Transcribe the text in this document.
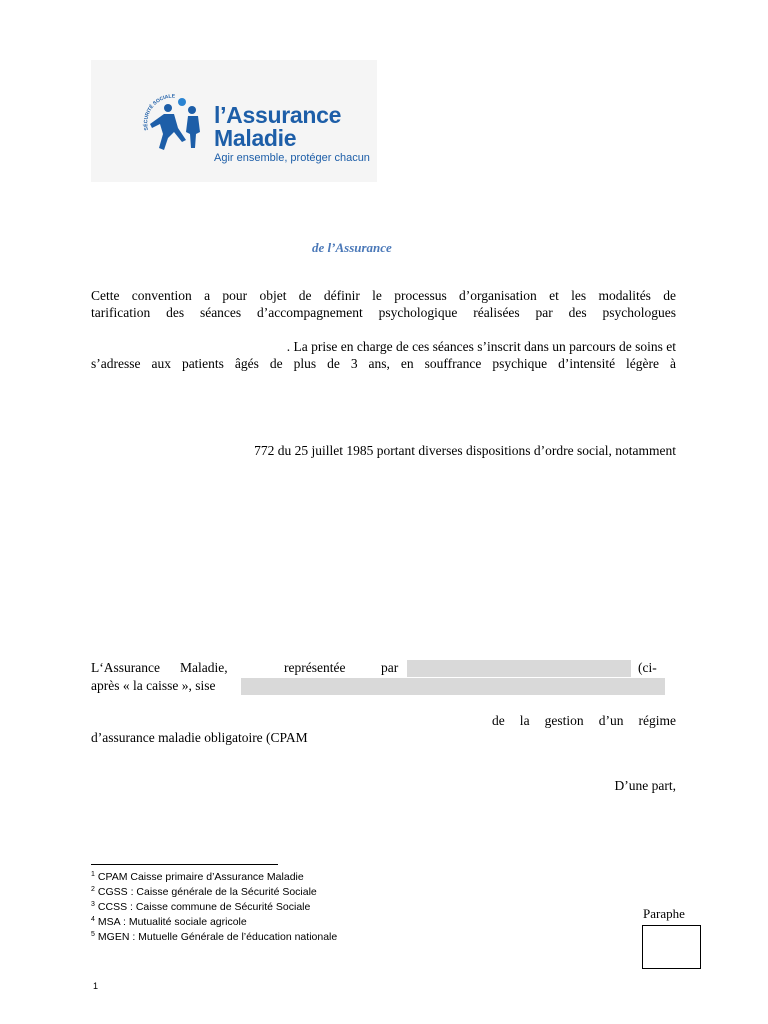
SÉCURITÉ SOCIALE
l’Assurance
Maladie
Agir ensemble, protéger chacun
de l’Assurance
Cette convention a pour objet de définir le processus d’organisation et les modalités de
tarification des séances d’accompagnement psychologique réalisées par des psychologues
. La prise en charge de ces séances s’inscrit dans un parcours de soins et
s’adresse aux patients âgés de plus de 3 ans, en souffrance psychique d’intensité légère à
772 du 25 juillet 1985 portant diverses dispositions d’ordre social, notamment
L‘Assurance Maladie,	représentée	par	(ci-
après « la caisse », sise
de la gestion d’un régime
d’assurance maladie obligatoire (CPAM
D’une part,
$^1$ CPAM Caisse primaire d’Assurance Maladie
$^2$ CGSS : Caisse générale de la Sécurité Sociale
$^3$ CCSS : Caisse commune de Sécurité Sociale
$^4$ MSA : Mutualité sociale agricole
$^5$ MGEN : Mutuelle Générale de l’éducation nationale
Paraphe
1
